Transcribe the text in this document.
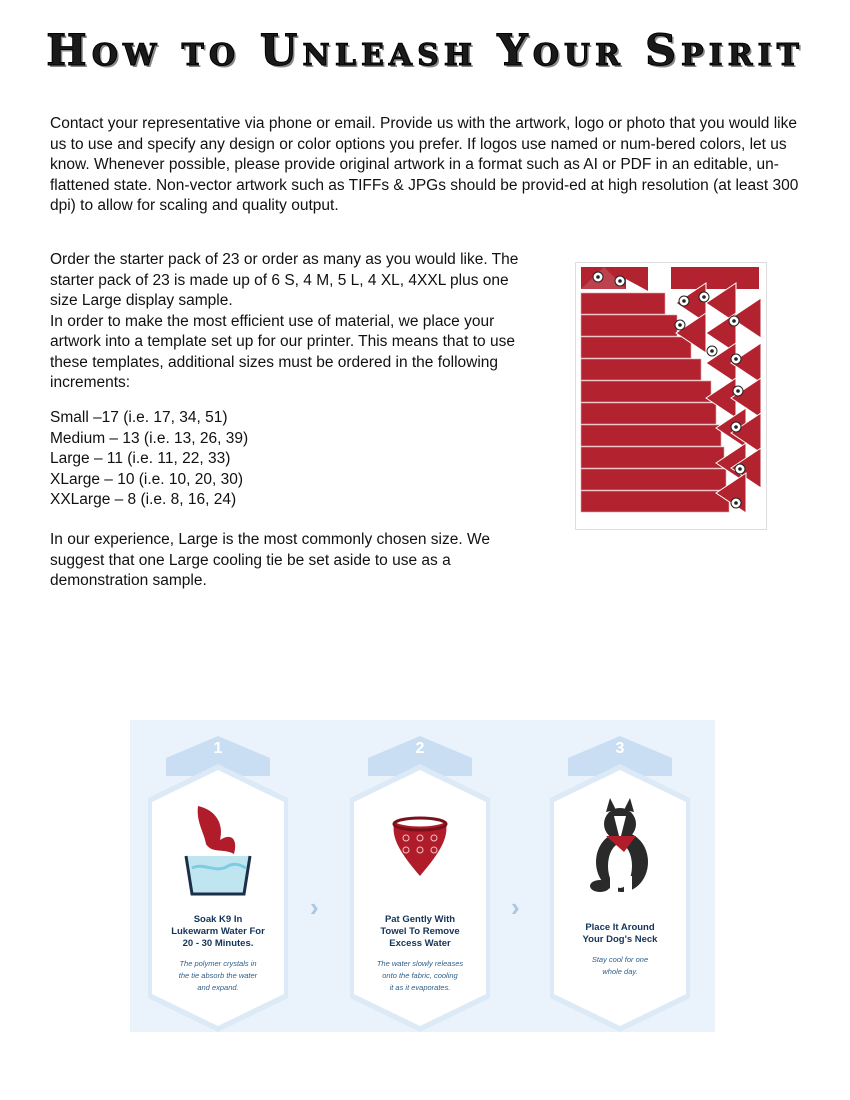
How to Unleash Your Spirit
Contact your representative via phone or email. Provide us with the artwork, logo or photo that you would like us to use and specify any design or color options you prefer. If logos use named or num-bered colors, let us know. Whenever possible, please provide original artwork in a format such as AI or PDF in an editable, un-flattened state. Non-vector artwork such as TIFFs & JPGs should be provid-ed at high resolution (at least 300 dpi) to allow for scaling and quality output.
Order the starter pack of 23 or order as many as you would like. The starter pack of 23 is made up of 6 S, 4 M, 5 L, 4 XL, 4XXL plus one size Large display sample.
In order to make the most efficient use of material, we place your artwork into a template set up for our printer. This means that to use these templates, additional sizes must be ordered in the following increments:
Small –17 (i.e. 17, 34, 51)
Medium – 13 (i.e. 13, 26, 39)
Large – 11 (i.e. 11, 22, 33)
XLarge – 10 (i.e. 10, 20, 30)
XXLarge – 8 (i.e. 8, 16, 24)
In our experience, Large is the most commonly chosen size. We suggest that one Large cooling tie be set aside to use as a demonstration sample.
1
Soak K9 In
Lukewarm Water For
20 - 30 Minutes.
The polymer crystals in
the tie absorb the water
and expand.
›
2
Pat Gently With
Towel To Remove
Excess Water
The water slowly releases
onto the fabric, cooling
it as it evaporates.
›
3
Place It Around
Your Dog's Neck
Stay cool for one
whole day.
